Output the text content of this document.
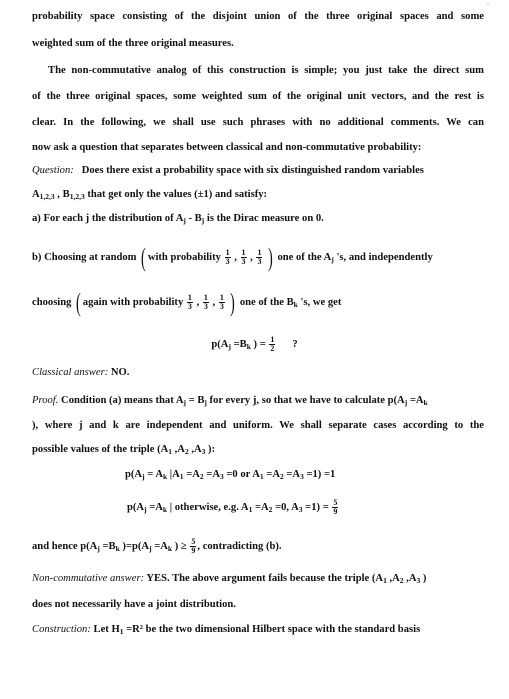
·
probability space consisting of the disjoint union of the three original spaces and some
weighted sum of the three original measures.
The non-commutative analog of this construction is simple; you just take the direct sum
of the three original spaces, some weighted sum of the original unit vectors, and the rest is
clear. In the following, we shall use such phrases with no additional comments. We can
now ask a question that separates between classical and non-commutative probability:
Question: Does there exist a probability space with six distinguished random variables
$A_{1,2,3}$ , $B_{1,2,3}$ that get only the values (±1) and satisfy:
a) For each j the distribution of $A_j - B_j$ is the Dirac measure on 0.
b) Choosing at random ( with probability $\frac{1}{3}$ , $\frac{1}{3}$ , $\frac{1}{3}$ ) one of the $A_j$ 's, and independently
choosing ( again with probability $\frac{1}{3}$ , $\frac{1}{3}$ , $\frac{1}{3}$ ) one of the $B_k$ 's, we get
$p(A_j =B_k$ ) = $\frac{1}{2}$ ?
Classical answer: NO.
Proof. Condition (a) means that $A_j = B_j$ for every j, so that we have to calculate $p(A_j =A_k$
), where j and k are independent and uniform. We shall separate cases according to the
possible values of the triple ($A_1$ $,A_2$ $,A_3$ ):
$p(A_j = A_k$ $|A_1 =A_2 =A_3 =0$ or $A_1 =A_2 =A_3 =1) =1$
$p(A_j =A_k$ | otherwise, e.g. $A_1 =A_2 =0$, $A_3 =1) = \frac{5}{9}$
and hence $p(A_j =B_k$ )$=p(A_j =A_k$ ) ≥ $\frac{5}{9}$ , contradicting (b).
Non-commutative answer: YES. The above argument fails because the triple ($A_1$ $,A_2$ $,A_3$ )
does not necessarily have a joint distribution.
Construction: Let $H_1 =R^2$ be the two dimensional Hilbert space with the standard basis
